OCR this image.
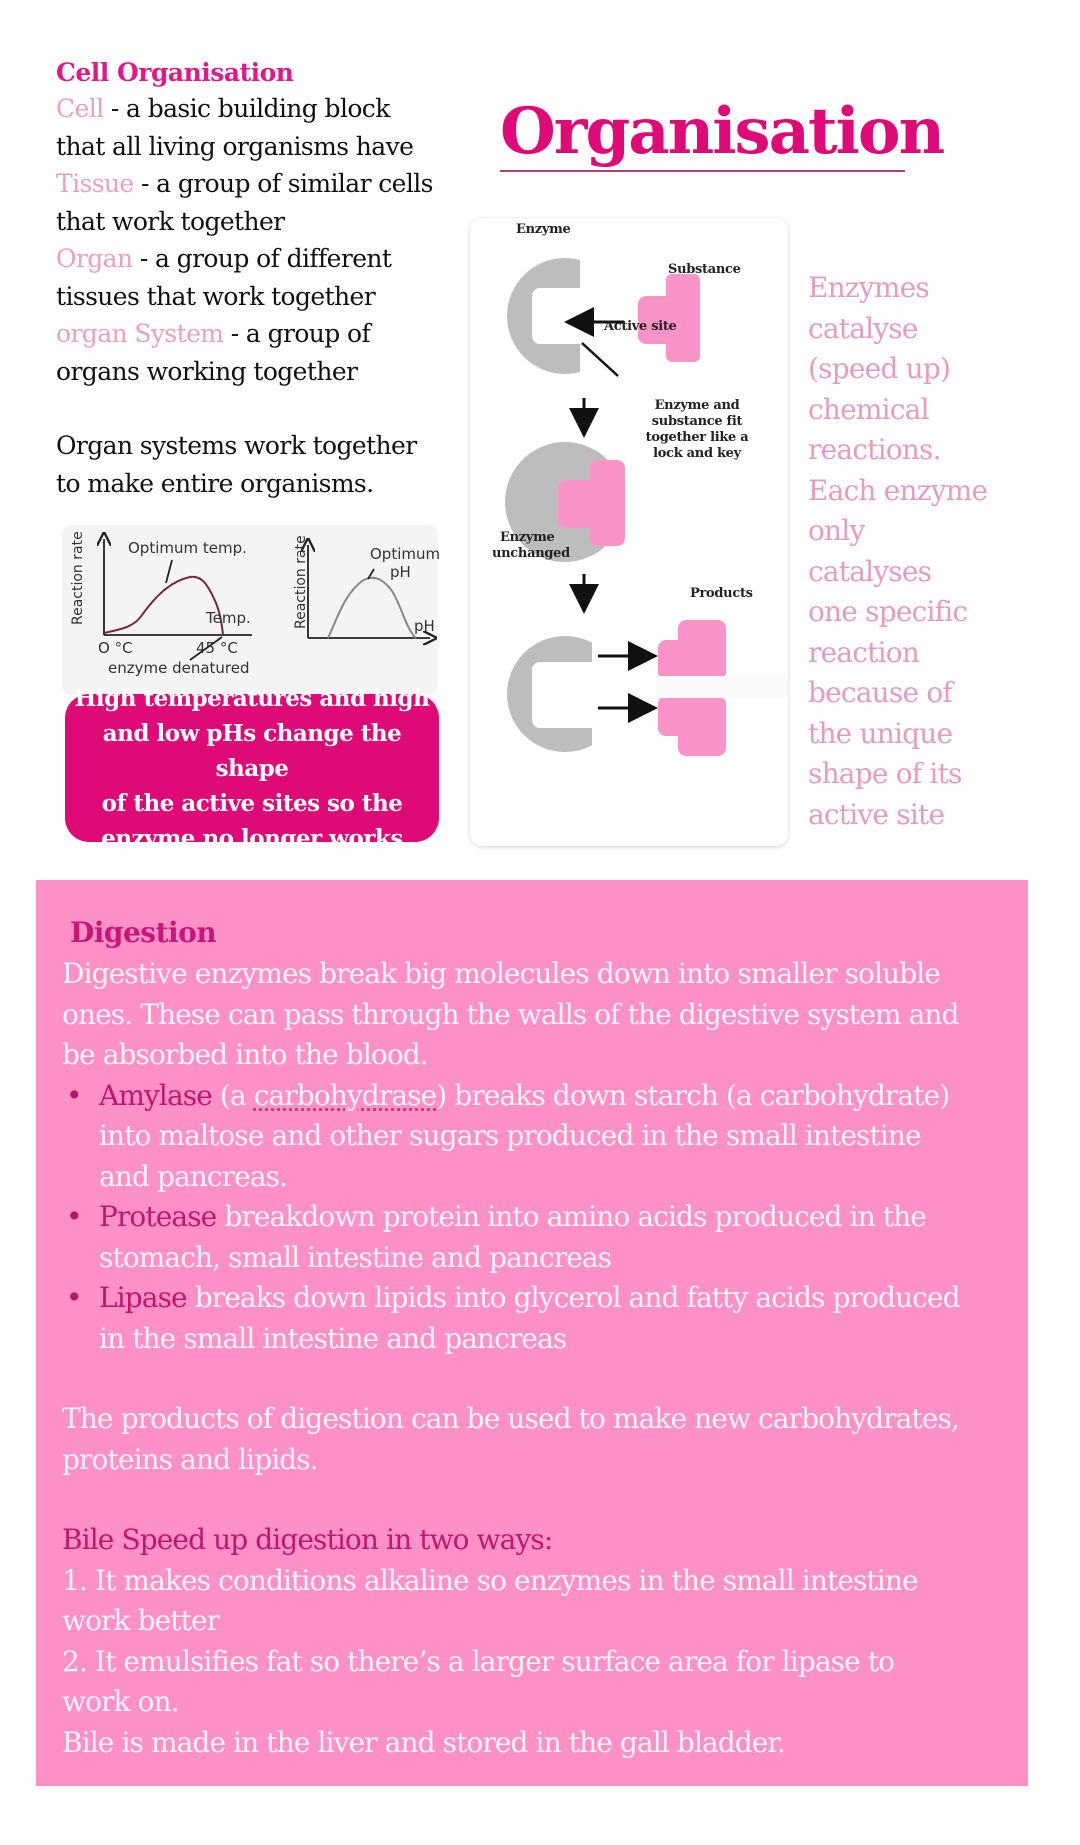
Cell Organisation
Cell - a basic building block
that all living organisms have
Tissue - a group of similar cells
that work together
Organ - a group of different
tissues that work together
organ System - a group of
organs working together
Organ systems work together
to make entire organisms.
Reaction rate	Optimum temp.
Temp.
O °C	45 °C
enzyme denatured
Reaction rate	Optimum
pH
pH
High temperatures and high
and low pHs change the shape
of the active sites so the
enzyme no longer works
Organisation
Enzyme
Substance
Active site
Enzyme and
substance fit
together like a
lock and key
Enzyme
unchanged
Products
Enzymes
catalyse
(speed up)
chemical
reactions.
Each enzyme
only
catalyses
one specific
reaction
because of
the unique
shape of its
active site
Digestion
Digestive enzymes break big molecules down into smaller soluble
ones. These can pass through the walls of the digestive system and
be absorbed into the blood.
• Amylase (a carbohydrase) breaks down starch (a carbohydrate)
into maltose and other sugars produced in the small intestine
and pancreas.
• Protease breakdown protein into amino acids produced in the
stomach, small intestine and pancreas
• Lipase breaks down lipids into glycerol and fatty acids produced
in the small intestine and pancreas
The products of digestion can be used to make new carbohydrates,
proteins and lipids.
Bile Speed up digestion in two ways:
1. It makes conditions alkaline so enzymes in the small intestine
work better
2. It emulsifies fat so there’s a larger surface area for lipase to
work on.
Bile is made in the liver and stored in the gall bladder.
